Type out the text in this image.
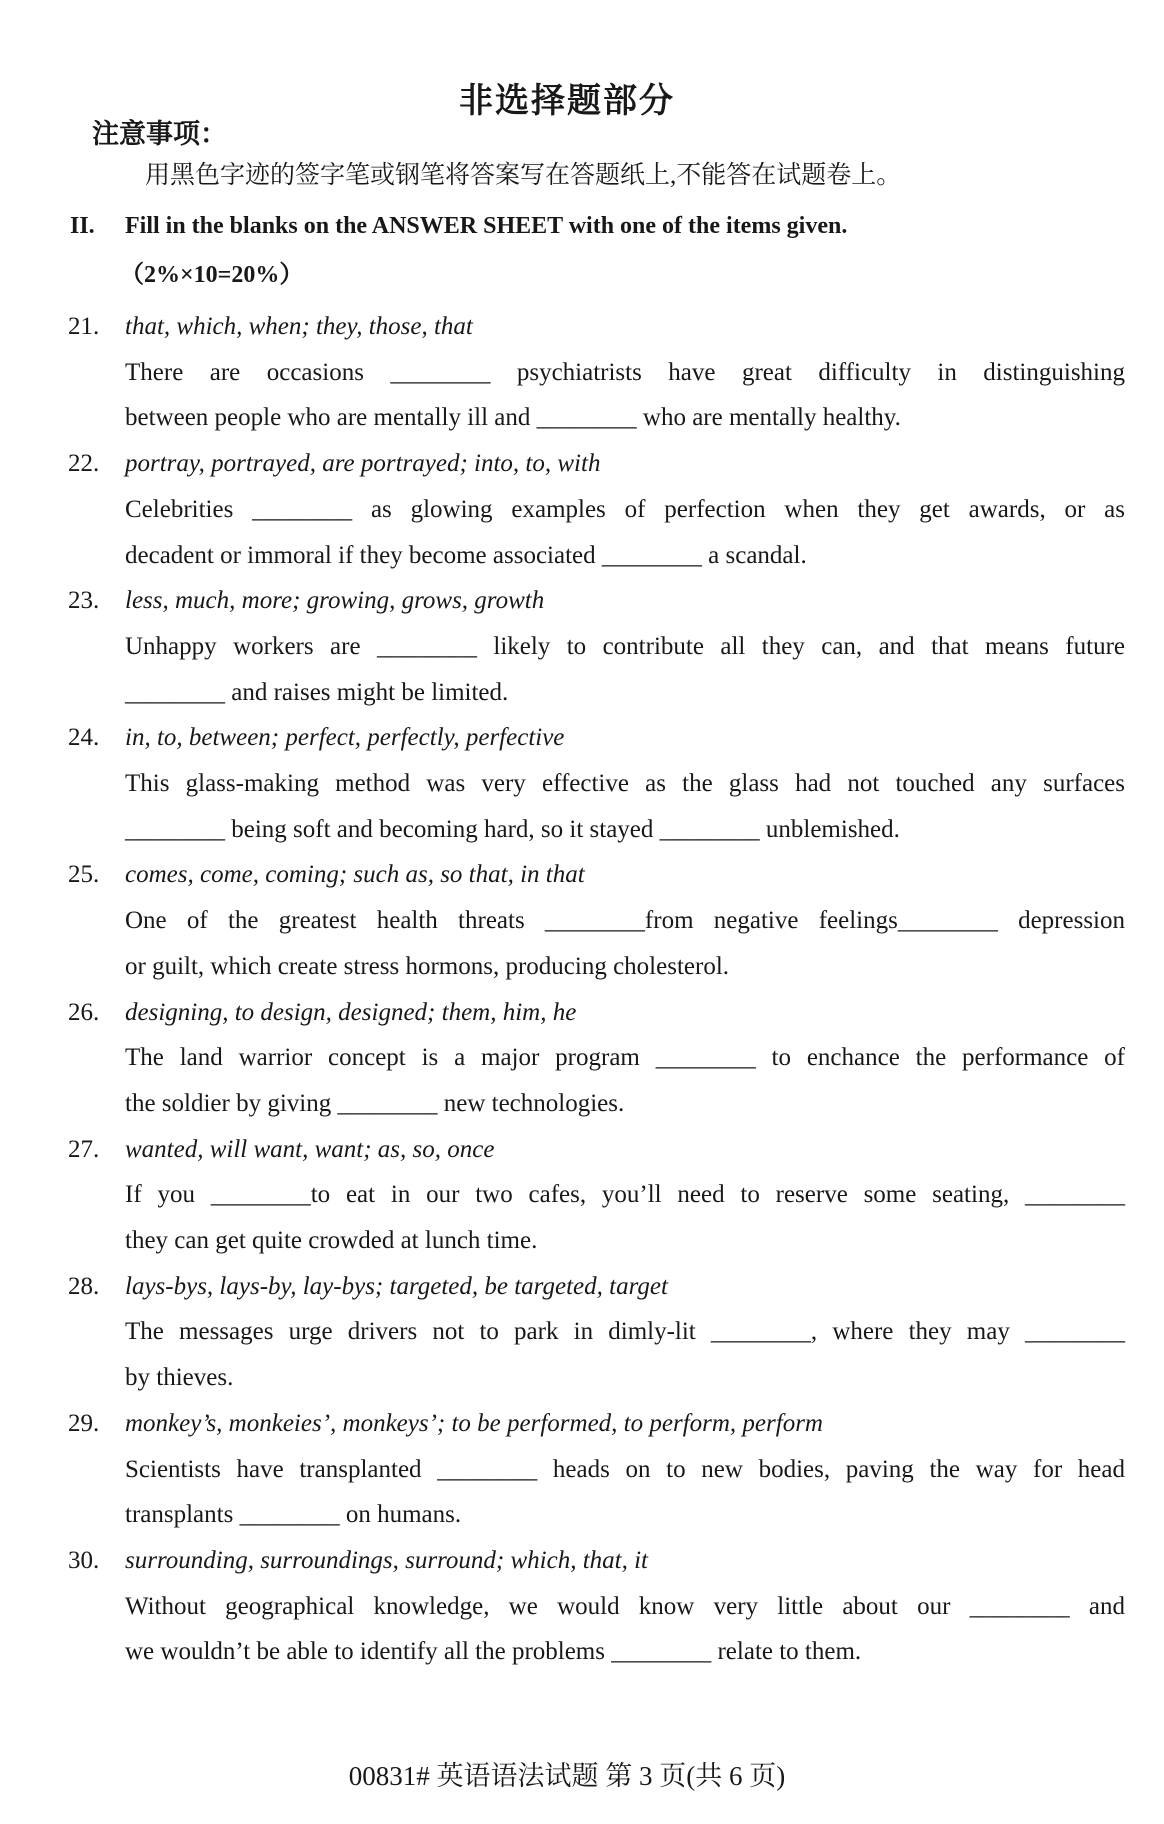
非选择题部分
注意事项：
用黑色字迹的签字笔或钢笔将答案写在答题纸上,不能答在试题卷上。
II.	Fill in the blanks on the ANSWER SHEET with one of the items given.
（2%×10=20%）
21.	that, which, when; they, those, that
There are occasions ________ psychiatrists have great difficulty in distinguishing
between people who are mentally ill and ________ who are mentally healthy.
22.	portray, portrayed, are portrayed; into, to, with
Celebrities ________ as glowing examples of perfection when they get awards, or as
decadent or immoral if they become associated ________ a scandal.
23.	less, much, more; growing, grows, growth
Unhappy workers are ________ likely to contribute all they can, and that means future
________ and raises might be limited.
24.	in, to, between; perfect, perfectly, perfective
This glass-making method was very effective as the glass had not touched any surfaces
________ being soft and becoming hard, so it stayed ________ unblemished.
25.	comes, come, coming; such as, so that, in that
One of the greatest health threats ________from negative feelings________ depression
or guilt, which create stress hormons, producing cholesterol.
26.	designing, to design, designed; them, him, he
The land warrior concept is a major program ________ to enchance the performance of
the soldier by giving ________ new technologies.
27.	wanted, will want, want; as, so, once
If you ________to eat in our two cafes, you’ll need to reserve some seating, ________
they can get quite crowded at lunch time.
28.	lays-bys, lays-by, lay-bys; targeted, be targeted, target
The messages urge drivers not to park in dimly-lit ________, where they may ________
by thieves.
29.	monkey’s, monkeies’, monkeys’; to be performed, to perform, perform
Scientists have transplanted ________ heads on to new bodies, paving the way for head
transplants ________ on humans.
30.	surrounding, surroundings, surround; which, that, it
Without geographical knowledge, we would know very little about our ________ and
we wouldn’t be able to identify all the problems ________ relate to them.
00831# 英语语法试题 第 3 页(共 6 页)
